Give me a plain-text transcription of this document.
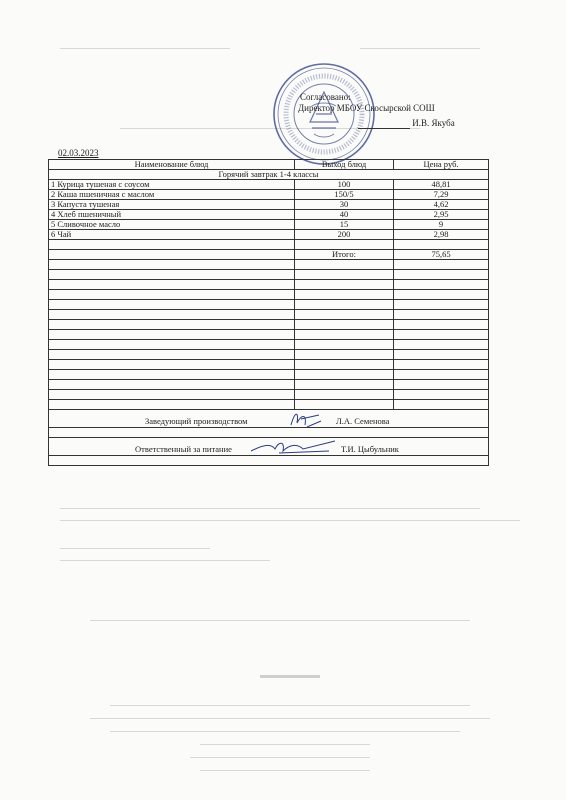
Согласовано:
Директор МБОУ Скосырской СОШ
И.В. Якуба
02.03.2023
Наименование блюд	Выход блюд	Цена руб.
Горячий завтрак 1-4 классы		
1 Курица тушеная с соусом	100	48,81
2 Каша пшеничная с маслом	150/5	7,29
3 Капуста тушеная	30	4,62
4 Хлеб пшеничный	40	2,95
5 Сливочное масло	15	9
6 Чай	200	2,98

	Итого:	75,65

Заведующий производством Л.А. Семенова		

Ответственный за питание Т.И. Цыбульник		
